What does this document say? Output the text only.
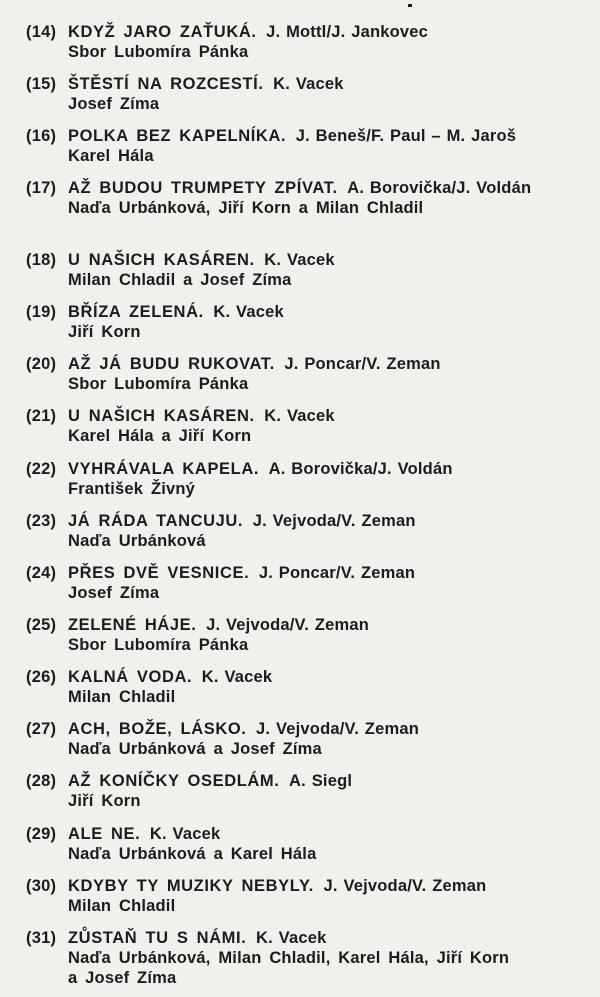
(14) KDYŽ JARO ZAŤUKÁ. J. Mottl/J. Jankovec
Sbor Lubomíra Pánka
(15) ŠTĚSTÍ NA ROZCESTÍ. K. Vacek
Josef Zíma
(16) POLKA BEZ KAPELNÍKA. J. Beneš/F. Paul – M. Jaroš
Karel Hála
(17) AŽ BUDOU TRUMPETY ZPÍVAT. A. Borovička/J. Voldán
Naďa Urbánková, Jiří Korn a Milan Chladil
(18) U NAŠICH KASÁREN. K. Vacek
Milan Chladil a Josef Zíma
(19) BŘÍZA ZELENÁ. K. Vacek
Jiří Korn
(20) AŽ JÁ BUDU RUKOVAT. J. Poncar/V. Zeman
Sbor Lubomíra Pánka
(21) U NAŠICH KASÁREN. K. Vacek
Karel Hála a Jiří Korn
(22) VYHRÁVALA KAPELA. A. Borovička/J. Voldán
František Živný
(23) JÁ RÁDA TANCUJU. J. Vejvoda/V. Zeman
Naďa Urbánková
(24) PŘES DVĚ VESNICE. J. Poncar/V. Zeman
Josef Zíma
(25) ZELENÉ HÁJE. J. Vejvoda/V. Zeman
Sbor Lubomíra Pánka
(26) KALNÁ VODA. K. Vacek
Milan Chladil
(27) ACH, BOŽE, LÁSKO. J. Vejvoda/V. Zeman
Naďa Urbánková a Josef Zíma
(28) AŽ KONÍČKY OSEDLÁM. A. Siegl
Jiří Korn
(29) ALE NE. K. Vacek
Naďa Urbánková a Karel Hála
(30) KDYBY TY MUZIKY NEBYLY. J. Vejvoda/V. Zeman
Milan Chladil
(31) ZŮSTAŇ TU S NÁMI. K. Vacek
Naďa Urbánková, Milan Chladil, Karel Hála, Jiří Korn
a Josef Zíma
